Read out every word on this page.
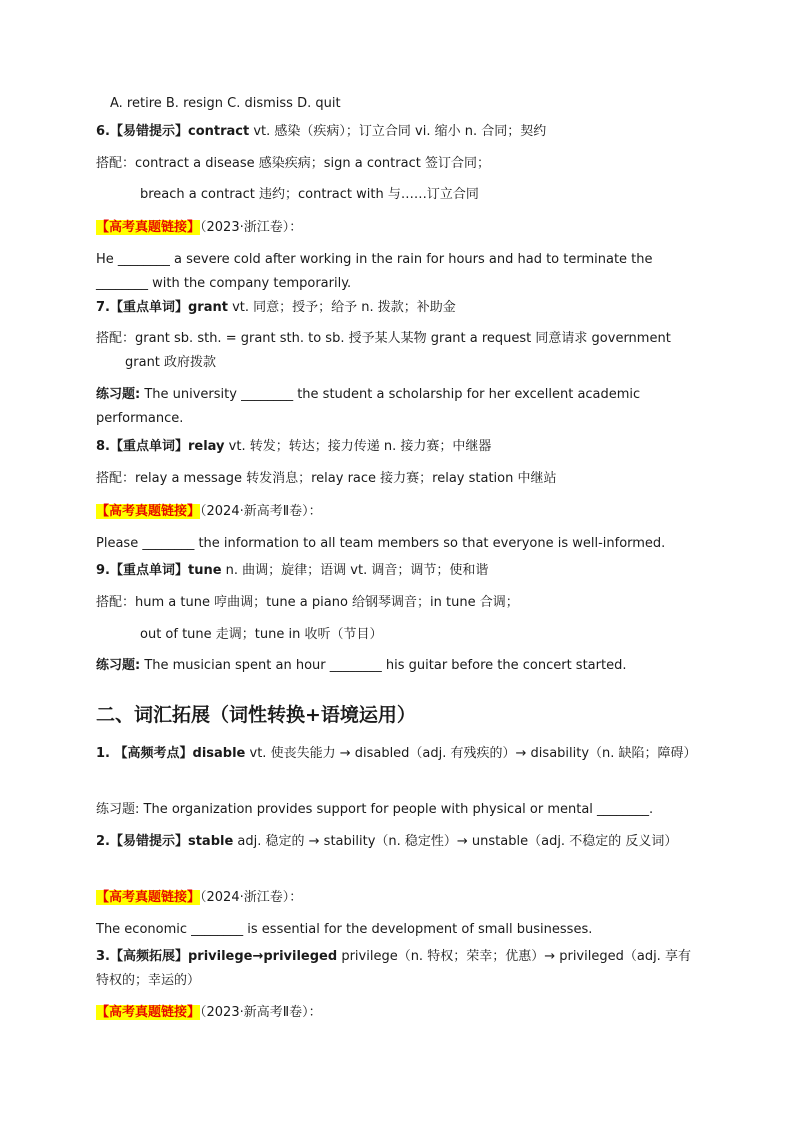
A. retire B. resign C. dismiss D. quit
6.【易错提示】contract vt. 感染（疾病）；订立合同 vi. 缩小 n. 合同；契约
搭配：contract a disease 感染疾病；sign a contract 签订合同；
breach a contract 违约；contract with 与……订立合同
【高考真题链接】（2023·浙江卷）：
He ________ a severe cold after working in the rain for hours and had to terminate the ________ with the company temporarily.
7.【重点单词】grant vt. 同意；授予；给予 n. 拨款；补助金
搭配：grant sb. sth. = grant sth. to sb. 授予某人某物 grant a request 同意请求 government grant 政府拨款
练习题: The university ________ the student a scholarship for her excellent academic performance.
8.【重点单词】relay vt. 转发；转达；接力传递 n. 接力赛；中继器
搭配：relay a message 转发消息；relay race 接力赛；relay station 中继站
【高考真题链接】（2024·新高考Ⅱ卷）：
Please ________ the information to all team members so that everyone is well-informed.
9.【重点单词】tune n. 曲调；旋律；语调 vt. 调音；调节；使和谐
搭配：hum a tune 哼曲调；tune a piano 给钢琴调音；in tune 合调；
out of tune 走调；tune in 收听（节目）
练习题: The musician spent an hour ________ his guitar before the concert started.
二、词汇拓展（词性转换+语境运用）
1. 【高频考点】disable vt. 使丧失能力 → disabled（adj. 有残疾的）→ disability（n. 缺陷；障碍）
练习题: The organization provides support for people with physical or mental ________.
2.【易错提示】stable adj. 稳定的 → stability（n. 稳定性）→ unstable（adj. 不稳定的 反义词）
【高考真题链接】（2024·浙江卷）：
The economic ________ is essential for the development of small businesses.
3.【高频拓展】privilege→privileged privilege（n. 特权；荣幸；优惠）→ privileged（adj. 享有特权的；幸运的）
【高考真题链接】（2023·新高考Ⅱ卷）：
